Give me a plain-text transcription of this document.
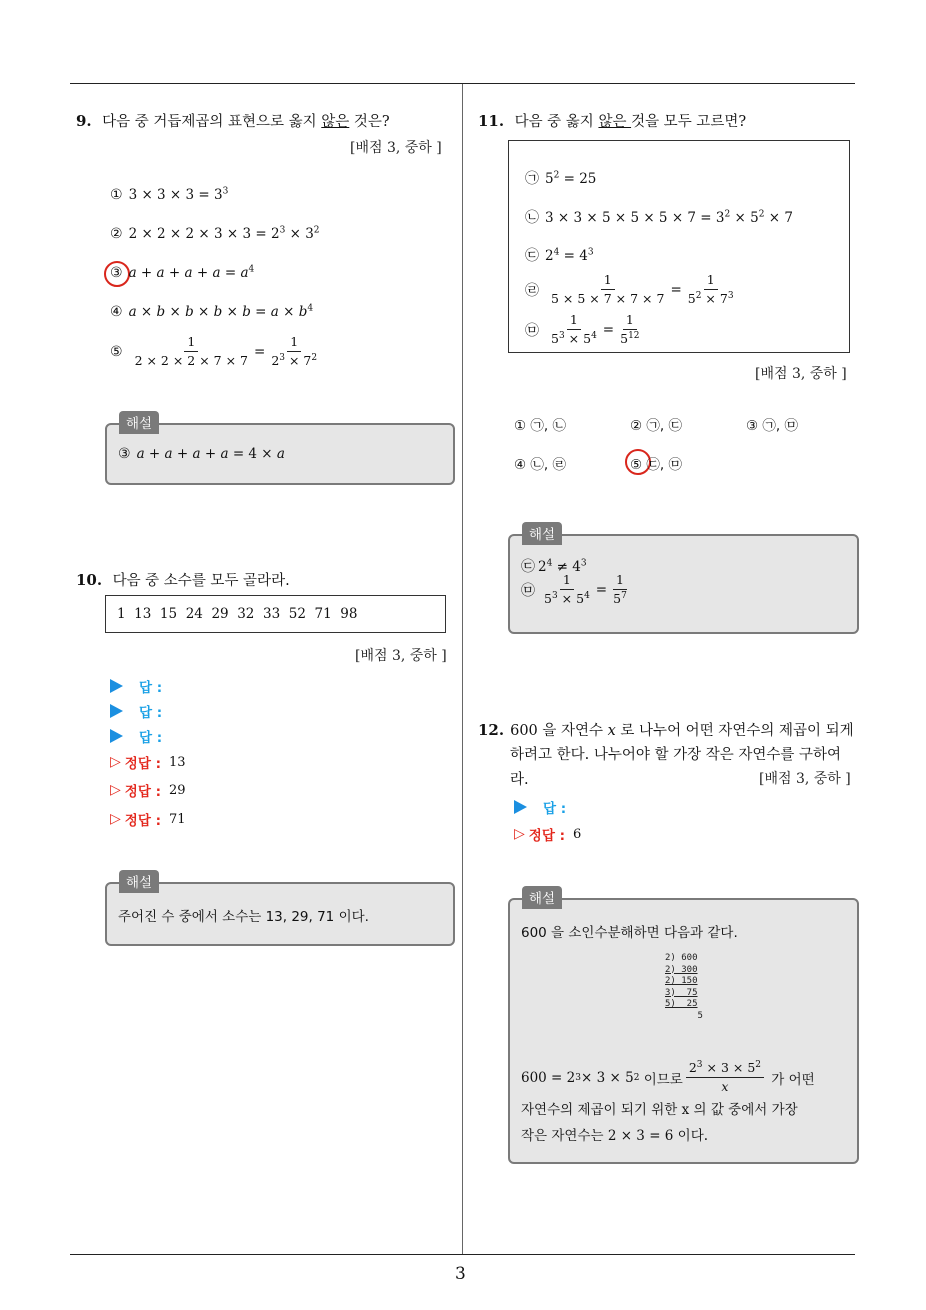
3
9. 다음 중 거듭제곱의 표현으로 옳지 않은 것은?
[배점 3, 중하 ]
① $3 \times 3 \times 3 = 3^3$
② $2 \times 2 \times 2 \times 3 \times 3 = 2^3 \times 3^2$
③ $a + a + a + a = a^4$
④ $a \times b \times b \times b \times b = a \times b^4$
⑤ $\frac{1}{2 \times 2 \times 2 \times 7 \times 7} = \frac{1}{2^3 \times 7^2}$
해설
③ a + a + a + a = 4 × a
10. 다음 중 소수를 모두 골라라.
1  13  15  24  29  32  33  52  71  98
[배점 3, 중하 ]
답 :
답 :
답 :
▷ 정답 : 13
▷ 정답 : 29
▷ 정답 : 71
해설
주어진 수 중에서 소수는 13, 29, 71 이다.
11. 다음 중 옳지 않은 것을 모두 고르면?
㉠ $5^2 = 25$
㉡ $3 \times 3 \times 5 \times 5 \times 5 \times 7 = 3^2 \times 5^2 \times 7$
㉢ $2^4 = 4^3$
㉣ $\frac{1}{5 \times 5 \times 7 \times 7 \times 7} = \frac{1}{5^2 \times 7^3}$
㉤ $\frac{1}{5^3 \times 5^4} = \frac{1}{5^{12}}$
[배점 3, 중하 ]
① ㉠, ㉡	② ㉠, ㉢	③ ㉠, ㉤
④ ㉡, ㉣	⑤ ㉢, ㉤
해설
㉢ $2^4 \ne 4^3$
㉤ $\frac{1}{5^3 \times 5^4} = \frac{1}{5^7}$
12. 600 을 자연수 x 로 나누어 어떤 자연수의 제곱이 되게
하려고 한다. 나누어야 할 가장 작은 자연수를 구하여
라.	[배점 3, 중하 ]
답 :
▷ 정답 : 6
해설
600 을 소인수분해하면 다음과 같다.
2) 600
2) 300
2) 150
3)  75
5)  25
5
600 = 2 3 × 3 × 5 2 이므로 $\frac{2^3 \times 3 \times 5^2}{x}$ 가 어떤
자연수의 제곱이 되기 위한 x 의 값 중에서 가장
작은 자연수는 2 × 3 = 6 이다.
